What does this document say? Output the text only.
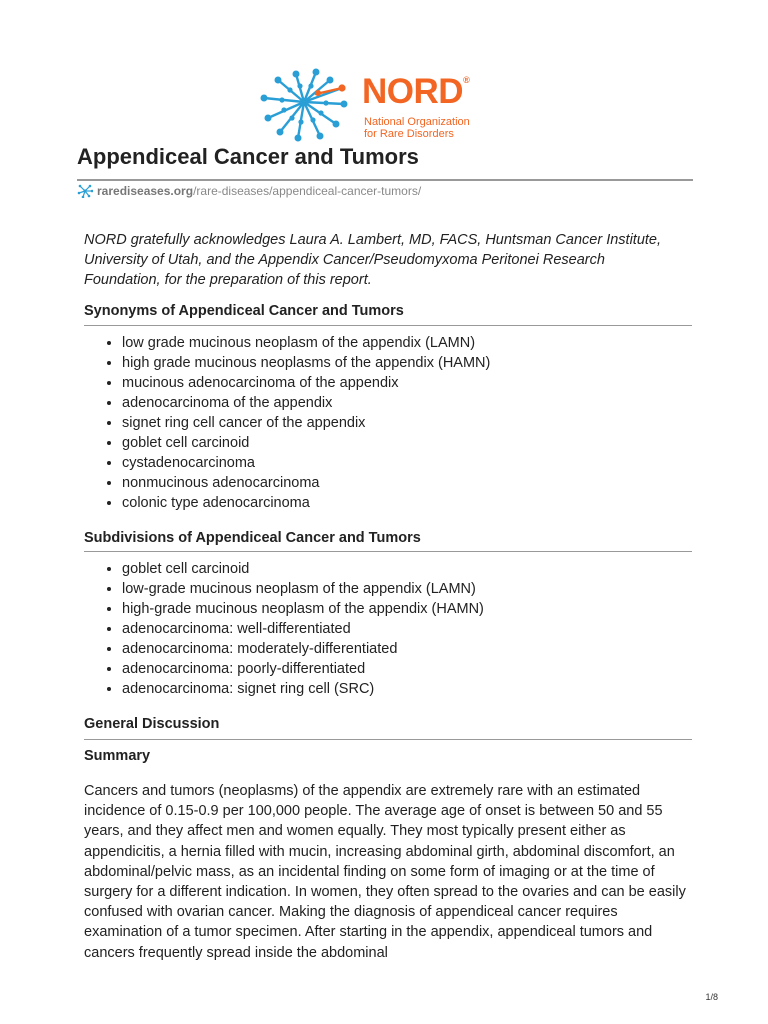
NORD®
National Organization
for Rare Disorders
Appendiceal Cancer and Tumors
rarediseases.org /rare-diseases/appendiceal-cancer-tumors/

NORD gratefully acknowledges Laura A. Lambert, MD, FACS, Huntsman Cancer Institute, University of Utah, and the Appendix Cancer/Pseudomyxoma Peritonei Research Foundation, for the preparation of this report.

Synonyms of Appendiceal Cancer and Tumors
• low grade mucinous neoplasm of the appendix (LAMN)
• high grade mucinous neoplasms of the appendix (HAMN)
• mucinous adenocarcinoma of the appendix
• adenocarcinoma of the appendix
• signet ring cell cancer of the appendix
• goblet cell carcinoid
• cystadenocarcinoma
• nonmucinous adenocarcinoma
• colonic type adenocarcinoma
Subdivisions of Appendiceal Cancer and Tumors
• goblet cell carcinoid
• low-grade mucinous neoplasm of the appendix (LAMN)
• high-grade mucinous neoplasm of the appendix (HAMN)
• adenocarcinoma: well-differentiated
• adenocarcinoma: moderately-differentiated
• adenocarcinoma: poorly-differentiated
• adenocarcinoma: signet ring cell (SRC)
General Discussion
Summary

Cancers and tumors (neoplasms) of the appendix are extremely rare with an estimated incidence of 0.15-0.9 per 100,000 people. The average age of onset is between 50 and 55 years, and they affect men and women equally. They most typically present either as appendicitis, a hernia filled with mucin, increasing abdominal girth, abdominal discomfort, an abdominal/pelvic mass, as an incidental finding on some form of imaging or at the time of surgery for a different indication. In women, they often spread to the ovaries and can be easily confused with ovarian cancer. Making the diagnosis of appendiceal cancer requires examination of a tumor specimen. After starting in the appendix, appendiceal tumors and cancers frequently spread inside the abdominal

1/8
